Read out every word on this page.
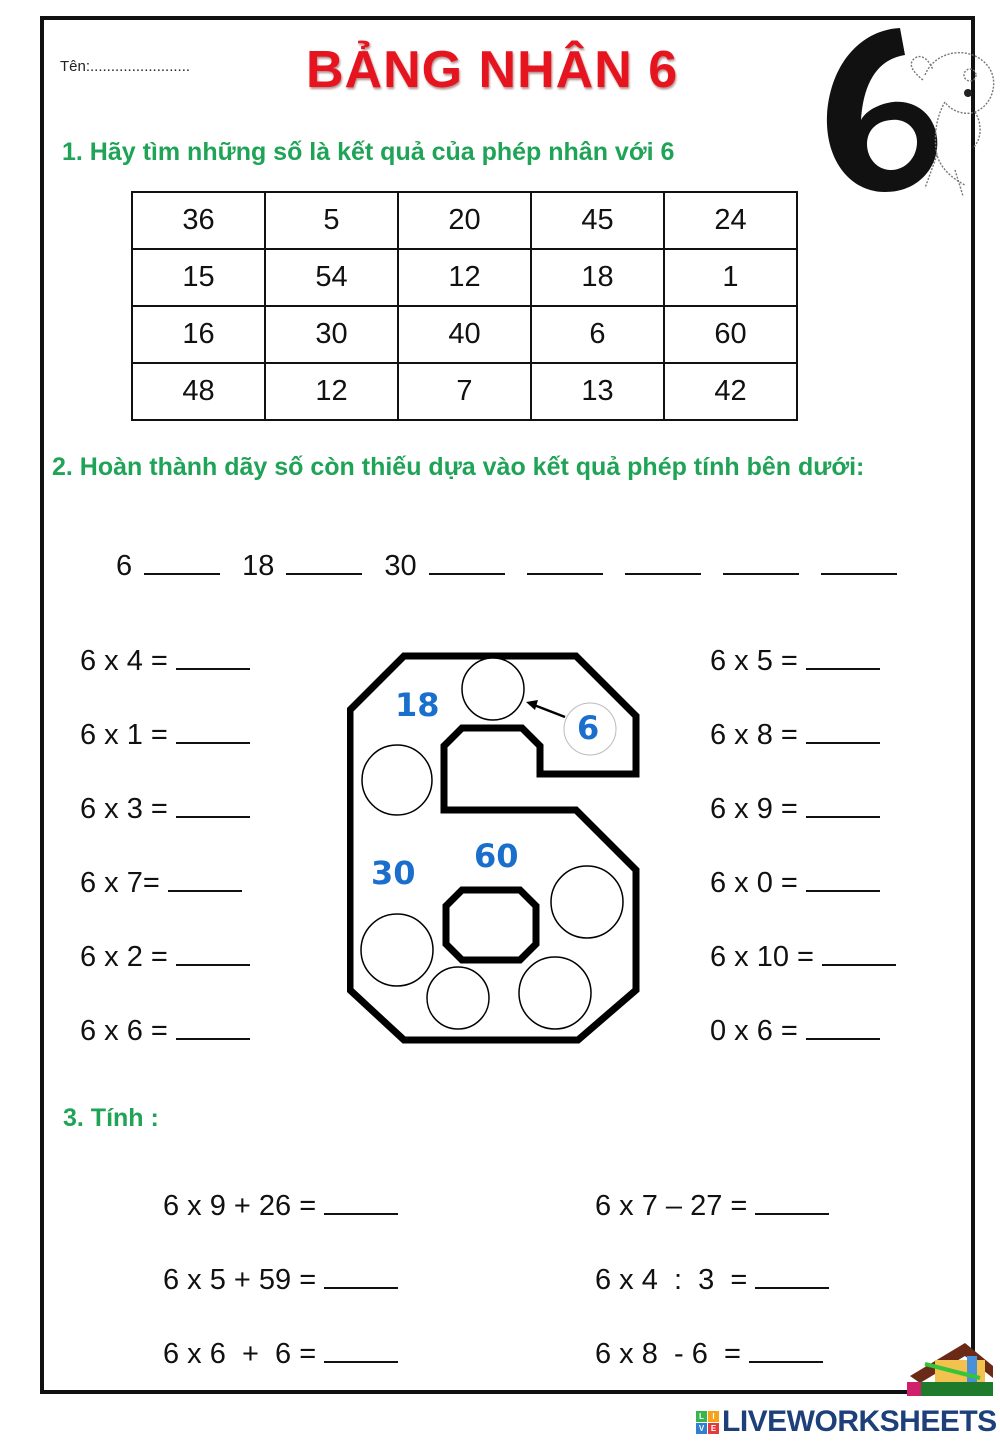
Tên:........................ BẢNG NHÂN 6
1. Hãy tìm những số là kết quả của phép nhân với 6
36	5	20	45	24
15	54	12	18	1
16	30	40	6	60
48	12	7	13	42
2. Hoàn thành dãy số còn thiếu dựa vào kết quả phép tính bên dưới:
6	18	30
6 x 4 =
6 x 1 =
6 x 3 =
6 x 7=
6 x 2 =
6 x 6 =
6 x 5 =
6 x 8 =
6 x 9 =
6 x 0 =
6 x 10 =
0 x 6 =
6
18
30 60
3. Tính :
6 x 9 + 26 =
6 x 5 + 59 =
6 x 6  +  6 =
6 x 7 – 27 =
6 x 4  :  3  =
6 x 8  - 6  =
L	I
V E LIVEWORKSHEETS
